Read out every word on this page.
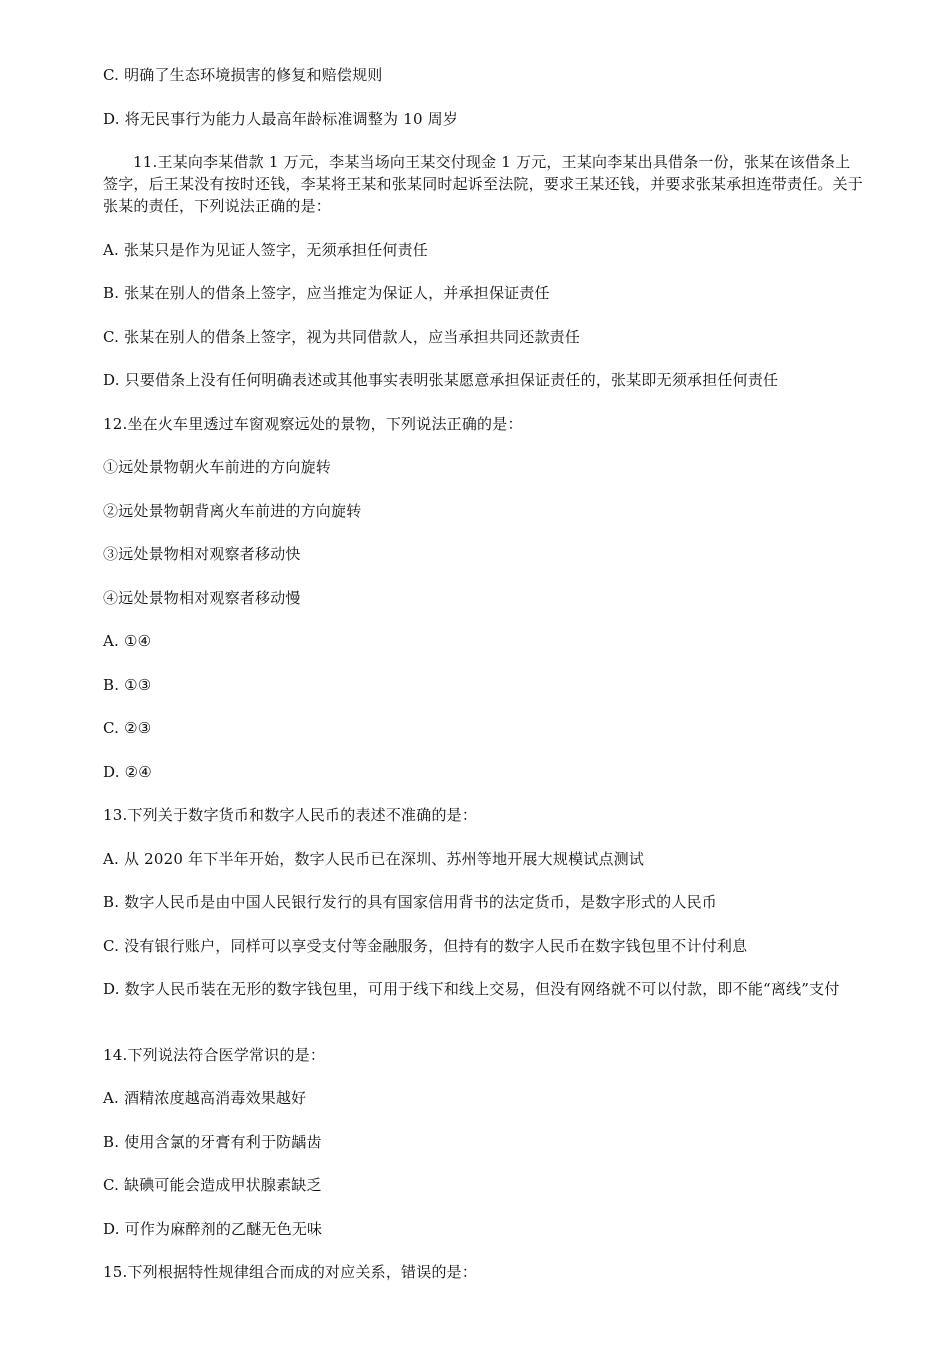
C. 明确了生态环境损害的修复和赔偿规则
D. 将无民事行为能力人最高年龄标准调整为 10 周岁
11.王某向李某借款 1 万元，李某当场向王某交付现金 1 万元，王某向李某出具借条一份，张某在该借条上签字，后王某没有按时还钱，李某将王某和张某同时起诉至法院，要求王某还钱，并要求张某承担连带责任。关于张某的责任，下列说法正确的是：
A. 张某只是作为见证人签字，无须承担任何责任
B. 张某在别人的借条上签字，应当推定为保证人，并承担保证责任
C. 张某在别人的借条上签字，视为共同借款人，应当承担共同还款责任
D. 只要借条上没有任何明确表述或其他事实表明张某愿意承担保证责任的，张某即无须承担任何责任
12.坐在火车里透过车窗观察远处的景物，下列说法正确的是：
①远处景物朝火车前进的方向旋转
②远处景物朝背离火车前进的方向旋转
③远处景物相对观察者移动快
④远处景物相对观察者移动慢
A. ①④
B. ①③
C. ②③
D. ②④
13.下列关于数字货币和数字人民币的表述不准确的是：
A. 从 2020 年下半年开始，数字人民币已在深圳、苏州等地开展大规模试点测试
B. 数字人民币是由中国人民银行发行的具有国家信用背书的法定货币，是数字形式的人民币
C. 没有银行账户，同样可以享受支付等金融服务，但持有的数字人民币在数字钱包里不计付利息
D. 数字人民币装在无形的数字钱包里，可用于线下和线上交易，但没有网络就不可以付款，即不能“离线”支付
14.下列说法符合医学常识的是：
A. 酒精浓度越高消毒效果越好
B. 使用含氯的牙膏有利于防龋齿
C. 缺碘可能会造成甲状腺素缺乏
D. 可作为麻醉剂的乙醚无色无味
15.下列根据特性规律组合而成的对应关系，错误的是：
